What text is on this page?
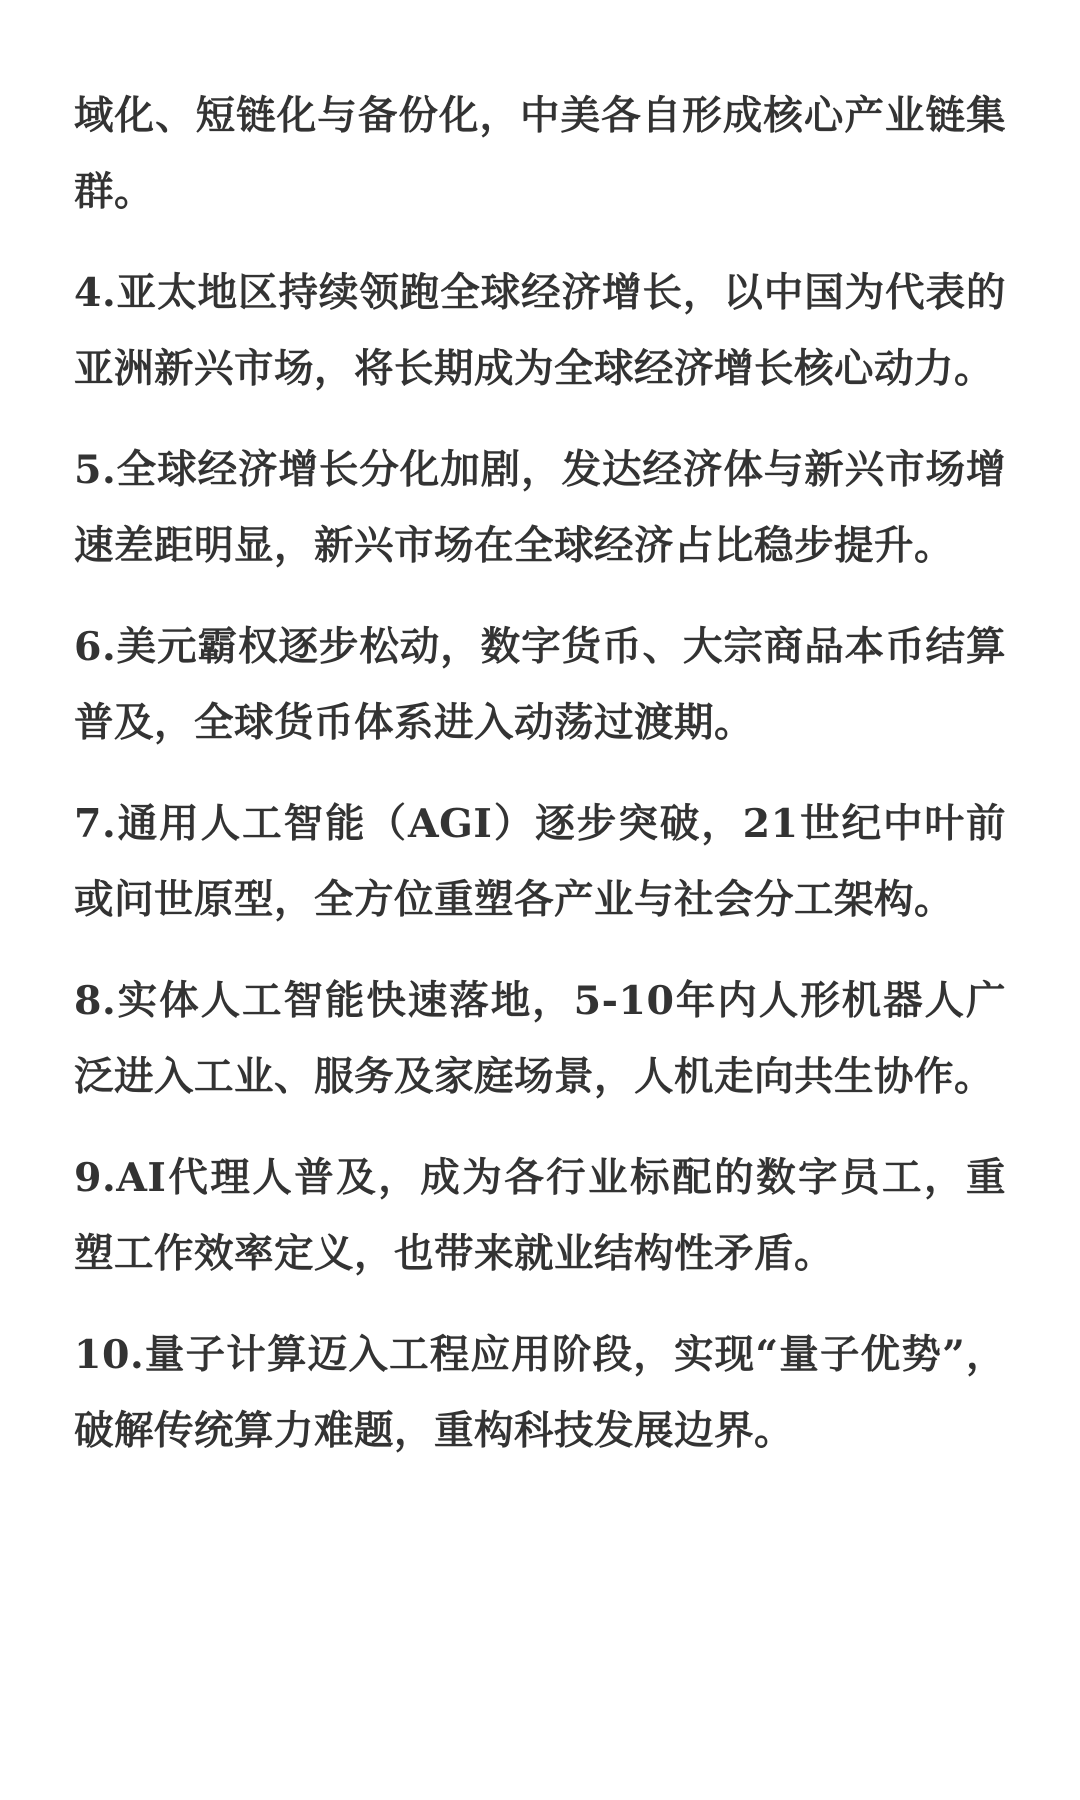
域化、短链化与备份化，中美各自形成核心产业链集群。

4.亚太地区持续领跑全球经济增长，以中国为代表的亚洲新兴市场，将长期成为全球经济增长核心动力。

5.全球经济增长分化加剧，发达经济体与新兴市场增速差距明显，新兴市场在全球经济占比稳步提升。

6.美元霸权逐步松动，数字货币、大宗商品本币结算普及，全球货币体系进入动荡过渡期。

7.通用人工智能（AGI）逐步突破，21世纪中叶前或问世原型，全方位重塑各产业与社会分工架构。

8.实体人工智能快速落地，5-10年内人形机器人广泛进入工业、服务及家庭场景，人机走向共生协作。

9.AI代理人普及，成为各行业标配的数字员工，重塑工作效率定义，也带来就业结构性矛盾。

10.量子计算迈入工程应用阶段，实现“量子优势”，破解传统算力难题，重构科技发展边界。
